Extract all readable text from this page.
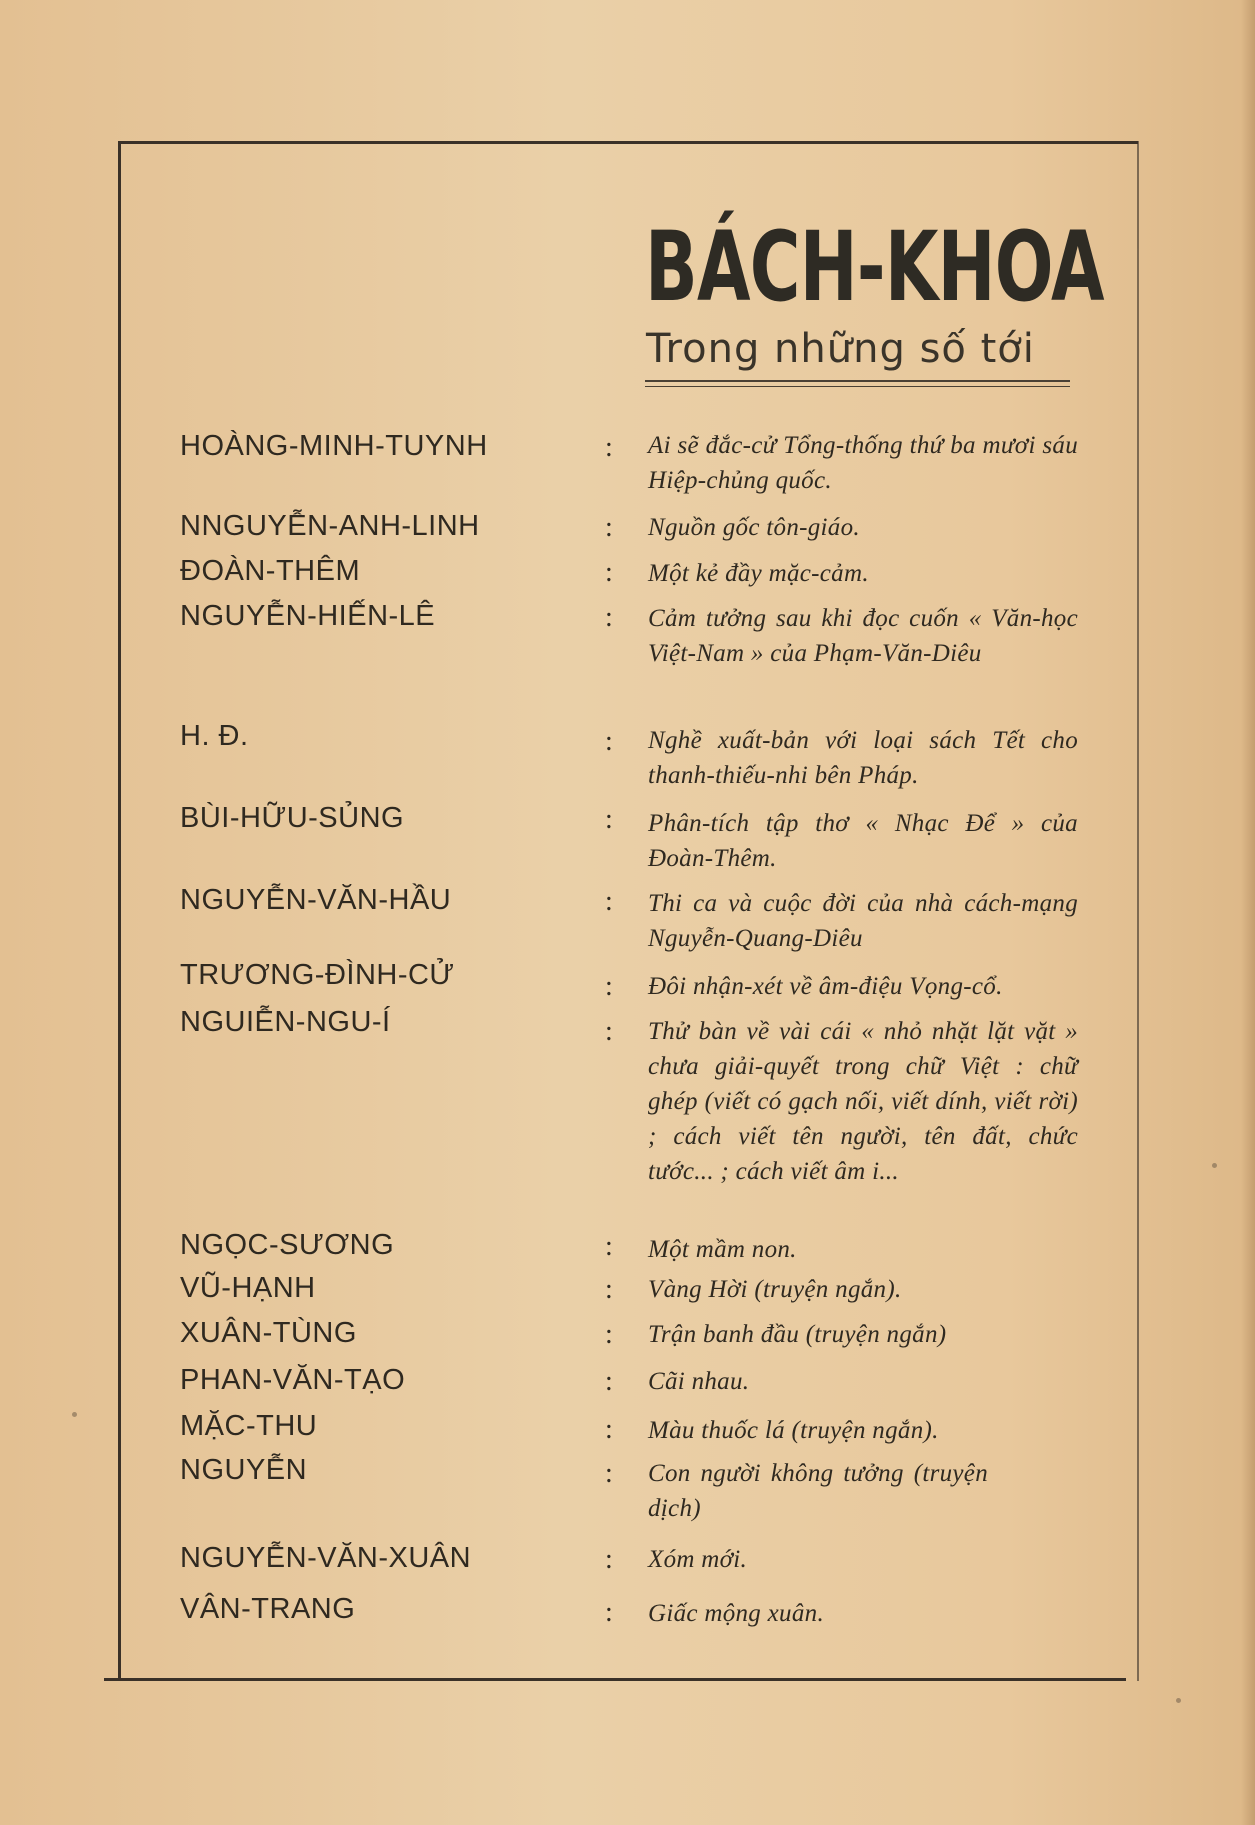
BÁCH-KHOA
Trong những số tới
HOÀNG-MINH-TUYNH	:	Ai sẽ đắc-cử Tổng-thống thứ ba mươi sáu Hiệp-chủng quốc.
NNGUYỄN-ANH-LINH	:	Nguồn gốc tôn-giáo.
ĐOÀN-THÊM	:	Một kẻ đầy mặc-cảm.
NGUYỄN-HIẾN-LÊ	:	Cảm tưởng sau khi đọc cuốn « Văn-học Việt-Nam » của Phạm-Văn-Diêu
H. Đ.	:	Nghề xuất-bản với loại sách Tết cho thanh-thiếu-nhi bên Pháp.
BÙI-HỮU-SỦNG	:	Phân-tích tập thơ « Nhạc Để » của Đoàn-Thêm.
NGUYỄN-VĂN-HẦU	:	Thi ca và cuộc đời của nhà cách-mạng Nguyễn-Quang-Diêu
TRƯƠNG-ĐÌNH-CỬ	:	Đôi nhận-xét về âm-điệu Vọng-cổ.
NGUIỄN-NGU-Í	:	Thử bàn về vài cái « nhỏ nhặt lặt vặt » chưa giải-quyết trong chữ Việt : chữ ghép (viết có gạch nối, viết dính, viết rời) ; cách viết tên người, tên đất, chức tước... ; cách viết âm i...
NGỌC-SƯƠNG	:	Một mầm non.
VŨ-HẠNH	:	Vàng Hời (truyện ngắn).
XUÂN-TÙNG	:	Trận banh đầu (truyện ngắn)
PHAN-VĂN-TẠO	:	Cãi nhau.
MẶC-THU	:	Màu thuốc lá (truyện ngắn).
NGUYỄN	:	Con người không tưởng (truyện dịch)
NGUYỄN-VĂN-XUÂN	:	Xóm mới.
VÂN-TRANG	:	Giấc mộng xuân.
